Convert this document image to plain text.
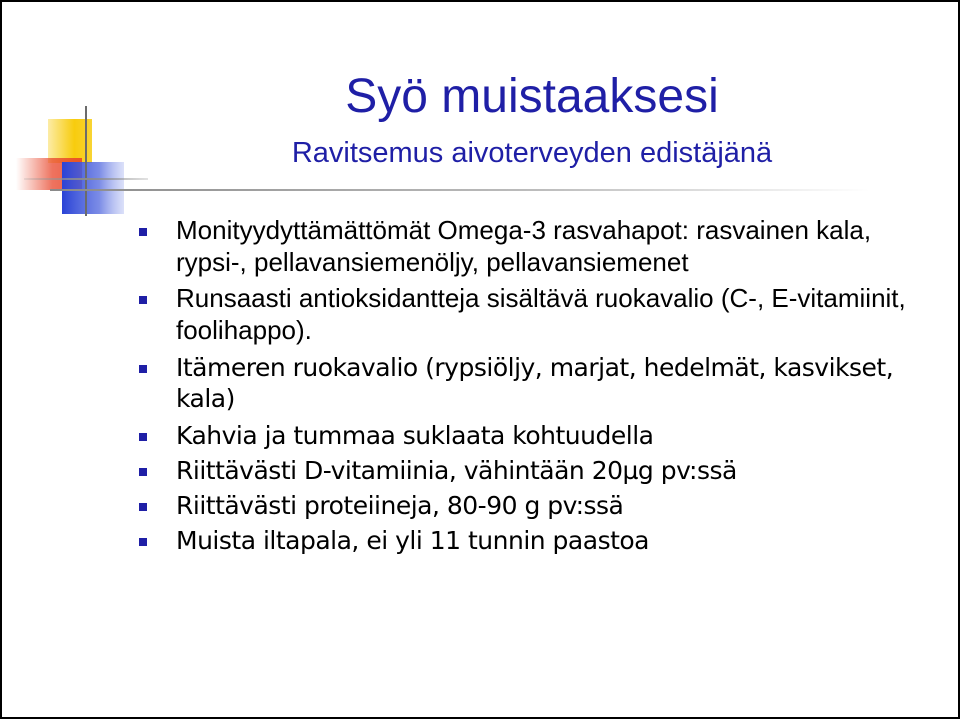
Syö muistaaksesi
Ravitsemus aivoterveyden edistäjänä
Monityydyttämättömät Omega-3 rasvahapot: rasvainen kala, rypsi-, pellavansiemenöljy, pellavansiemenet
Runsaasti antioksidantteja sisältävä ruokavalio (C-, E-vitamiinit, foolihappo).
Itämeren ruokavalio (rypsiöljy, marjat, hedelmät, kasvikset, kala)
Kahvia ja tummaa suklaata kohtuudella
Riittävästi D-vitamiinia, vähintään 20µg pv:ssä
Riittävästi proteiineja, 80-90 g pv:ssä
Muista iltapala, ei yli 11 tunnin paastoa
